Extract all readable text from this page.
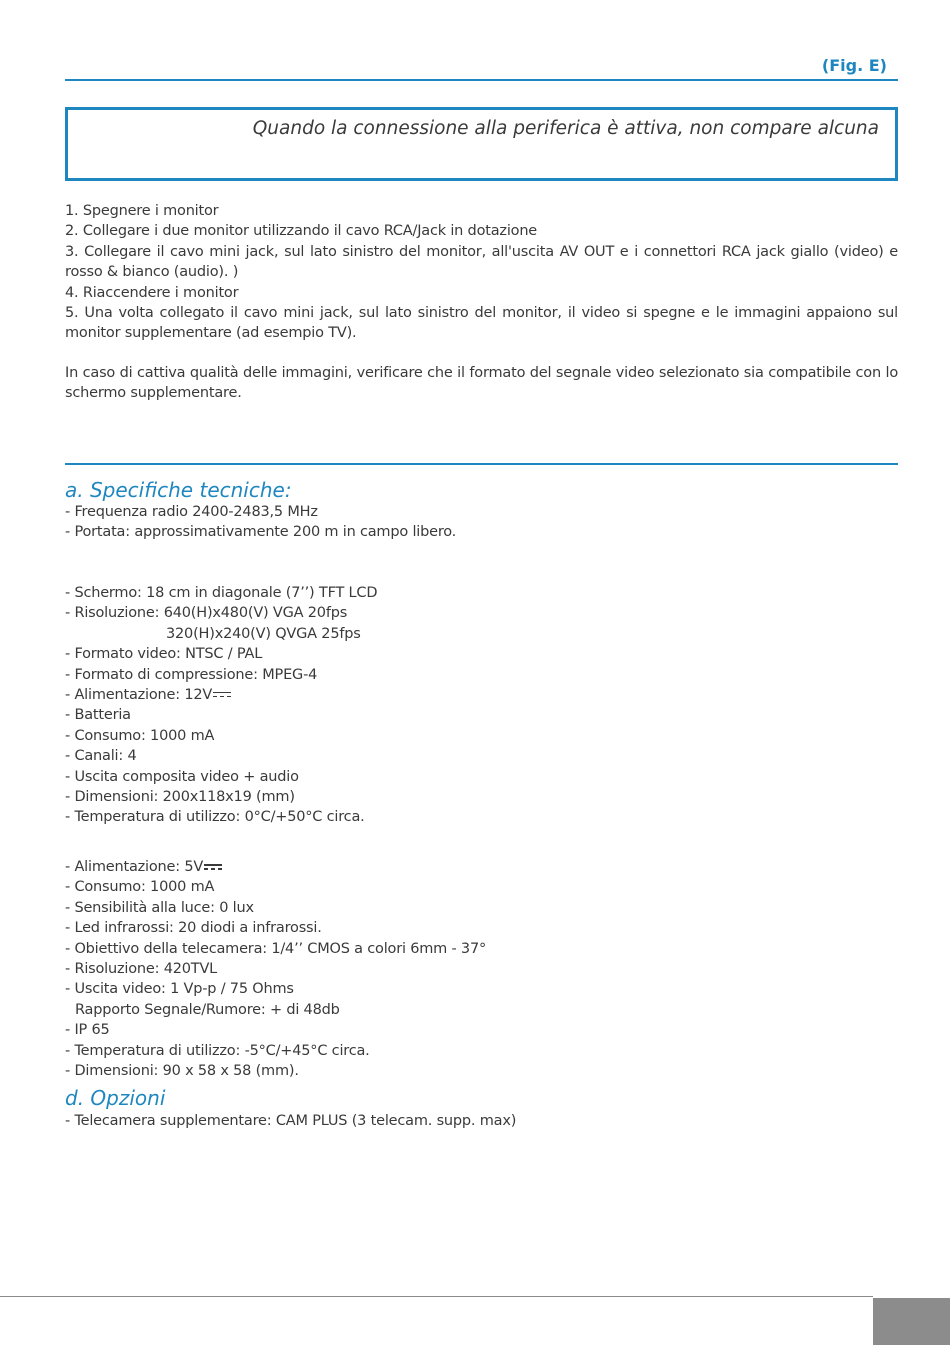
(Fig. E)
Quando la connessione alla periferica è attiva, non compare alcuna

1. Spegnere i monitor

2. Collegare i due monitor utilizzando il cavo RCA/Jack in dotazione

3. Collegare il cavo mini jack, sul lato sinistro del monitor, all'uscita AV OUT e i connettori RCA jack giallo (video) e rosso & bianco (audio). )

4. Riaccendere i monitor

5. Una volta collegato il cavo mini jack, sul lato sinistro del monitor, il video si spegne e le immagini appaiono sul monitor supplementare (ad esempio TV).

In caso di cattiva qualità delle immagini, verificare che il formato del segnale video selezionato sia compatibile con lo schermo supplementare.

a. Specifiche tecniche:
- Frequenza radio 2400-2483,5 MHz
- Portata: approssimativamente 200 m in campo libero.
- Schermo: 18 cm in diagonale (7’’) TFT LCD
- Risoluzione: 640(H)x480(V) VGA 20fps
320(H)x240(V) QVGA 25fps
- Formato video: NTSC / PAL
- Formato di compressione: MPEG-4
- Alimentazione: 12V
- Batteria
- Consumo: 1000 mA
- Canali: 4
- Uscita composita video + audio
- Dimensioni: 200x118x19 (mm)
- Temperatura di utilizzo: 0°C/+50°C circa.
- Alimentazione: 5V
- Consumo: 1000 mA
- Sensibilità alla luce: 0 lux
- Led infrarossi: 20 diodi a infrarossi.
- Obiettivo della telecamera: 1/4’’ CMOS a colori 6mm - 37°
- Risoluzione: 420TVL
- Uscita video: 1 Vp-p / 75 Ohms
Rapporto Segnale/Rumore: + di 48db
- IP 65
- Temperatura di utilizzo: -5°C/+45°C circa.
- Dimensioni: 90 x 58 x 58 (mm).
d. Opzioni
- Telecamera supplementare: CAM PLUS (3 telecam. supp. max)
